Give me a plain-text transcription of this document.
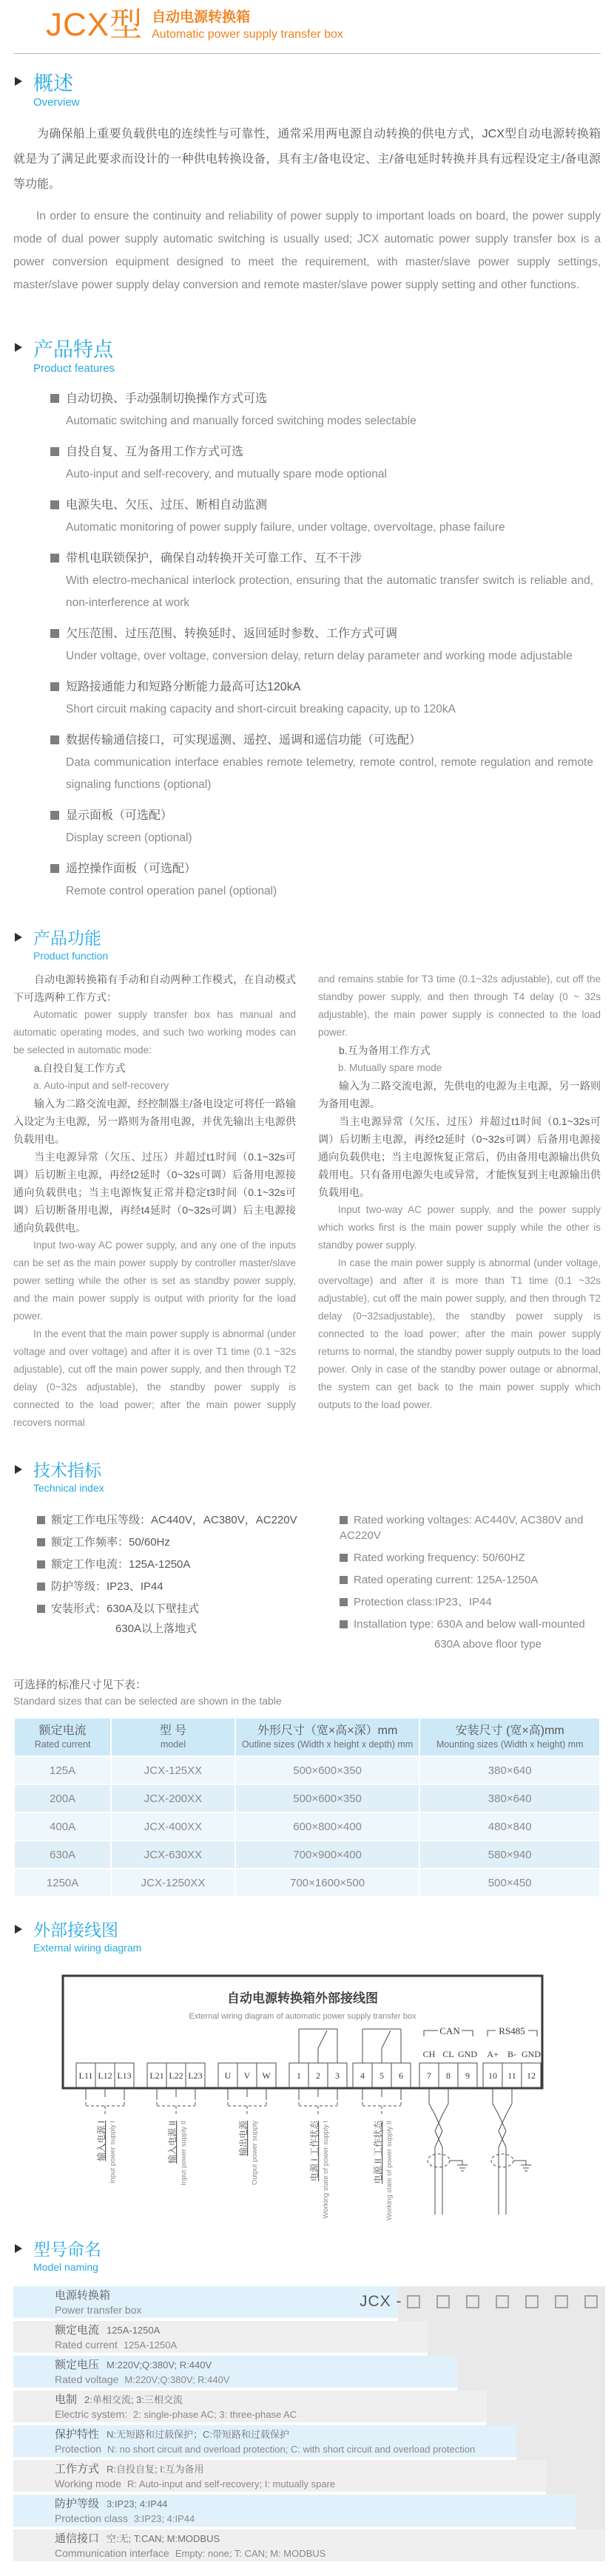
JCX型 自动电源转换箱
Automatic power supply transfer box
概述
Overview

为确保船上重要负载供电的连续性与可靠性，通常采用两电源自动转换的供电方式，JCX型自动电源转换箱就是为了满足此要求而设计的一种供电转换设备，具有主/备电设定、主/备电延时转换并具有远程设定主/备电源等功能。

In order to ensure the continuity and reliability of power supply to important loads on board, the power supply mode of dual power supply automatic switching is usually used; JCX automatic power supply transfer box is a power conversion equipment designed to meet the requirement, with master/slave power supply settings, master/slave power supply delay conversion and remote master/slave power supply setting and other functions.

产品特点
Product features
自动切换、手动强制切换操作方式可选
Automatic switching and manually forced switching modes selectable
自投自复、互为备用工作方式可选
Auto-input and self-recovery, and mutually spare mode optional
电源失电、欠压、过压、断相自动监测
Automatic monitoring of power supply failure, under voltage, overvoltage, phase failure
带机电联锁保护，确保自动转换开关可靠工作、互不干涉
With electro-mechanical interlock protection, ensuring that the automatic transfer switch is reliable and, non-interference at work
欠压范围、过压范围、转换延时、返回延时参数、工作方式可调
Under voltage, over voltage, conversion delay, return delay parameter and working mode adjustable
短路接通能力和短路分断能力最高可达120kA
Short circuit making capacity and short-circuit breaking capacity, up to 120kA
数据传输通信接口，可实现遥测、遥控、遥调和遥信功能（可选配）
Data communication interface enables remote telemetry, remote control, remote regulation and remote signaling functions (optional)
显示面板（可选配）
Display screen (optional)
遥控操作面板（可选配）
Remote control operation panel (optional)
产品功能
Product function

自动电源转换箱有手动和自动两种工作模式，在自动模式下可选两种工作方式：

Automatic power supply transfer box has manual and automatic operating modes, and such two working modes can be selected in automatic mode:

a.自投自复工作方式

a. Auto-input and self-recovery

输入为二路交流电源，经控制器主/备电设定可将任一路输入设定为主电源，另一路则为备用电源，并优先输出主电源供负载用电。

当主电源异常（欠压、过压）并超过t1时间（0.1~32s可调）后切断主电源，再经t2延时（0~32s可调）后备用电源接通向负载供电；当主电源恢复正常并稳定t3时间（0.1~32s可调）后切断备用电源，再经t4延时（0~32s可调）后主电源接通向负载供电。

Input two-way AC power supply, and any one of the inputs can be set as the main power supply by controller master/slave power setting while the other is set as standby power supply, and the main power supply is output with priority for the load power.

In the event that the main power supply is abnormal (under voltage and over voltage) and after it is over T1 time (0.1 ~32s adjustable), cut off the main power supply, and then through T2 delay (0~32s adjustable), the standby power supply is connected to the load power; after the main power supply recovers normal

and remains stable for T3 time (0.1~32s adjustable), cut off the standby power supply, and then through T4 delay (0 ~ 32s adjustable), the main power supply is connected to the load power.

b.互为备用工作方式

b. Mutually spare mode

输入为二路交流电源，先供电的电源为主电源，另一路则为备用电源。

当主电源异常（欠压、过压）并超过t1时间（0.1~32s可调）后切断主电源，再经t2延时（0~32s可调）后备用电源接通向负载供电；当主电源恢复正常后，仍由备用电源输出供负载用电。只有备用电源失电或异常，才能恢复到主电源输出供负载用电。

Input two-way AC power supply, and the power supply which works first is the main power supply while the other is standby power supply.

In case the main power supply is abnormal (under voltage, overvoltage) and after it is more than T1 time (0.1 ~32s adjustable), cut off the main power supply, and then through T2 delay (0~32sadjustable), the standby power supply is connected to the load power; after the main power supply returns to normal, the standby power supply outputs to the load power. Only in case of the standby power outage or abnormal, the system can get back to the main power supply which outputs to the load power.

技术指标
Technical index
额定工作电压等级：AC440V，AC380V，AC220V
额定工作频率：50/60Hz
额定工作电流：125A-1250A
防护等级：IP23、IP44
安装形式：630A及以下壁挂式
630A以上落地式
Rated working voltages: AC440V, AC380V and AC220V
Rated working frequency: 50/60HZ
Rated operating current: 125A-1250A
Protection class:IP23、IP44
Installation type: 630A and below wall-mounted
630A above floor type
可选择的标准尺寸见下表：
Standard sizes that can be selected are shown in the table
额定电流
Rated current	型 号
model	外形尺寸（宽×高×深）mm
Outline sizes (Width x height x depth) mm	安装尺寸 (宽×高)mm
Mounting sizes (Width x height) mm

125A	JCX-125XX	500×600×350	380×640
200A	JCX-200XX	500×600×350	380×640
400A	JCX-400XX	600×800×400	480×840
630A	JCX-630XX	700×900×400	580×940
1250A	JCX-1250XX	700×1600×500	500×450
外部接线图
External wiring diagram
自动电源转换箱外部接线图
External wiring diagram of automatic power supply transfer box
CAN	RS485
CH CL GND A+ B- GND
L11 L12 L13 L21 L22 L23 U V W	1 2 3 4 5 6	7 8 9 10 11 12
输入电源 I Input power supply I	输入电源 II Input power supply II	输出电源 Output power supply	电源 I 工作状态 Working state of power supply I	电源 II 工作状态 Working state of power supply II
型号命名
Model naming
JCX -
电源转换箱
Power transfer box
额定电流 125A-1250A
Rated current 125A-1250A
额定电压 M:220V;Q:380V; R:440V
Rated voltage M:220V;Q:380V; R:440V
电制 2:单相交流; 3:三相交流
Electric system: 2: single-phase AC; 3: three-phase AC
保护特性 N:无短路和过载保护；C:带短路和过载保护
Protection N: no short circuit and overload protection; C: with short circuit and overload protection
工作方式 R:自投自复; I:互为备用
Working mode R: Auto-input and self-recovery; I: mutually spare
防护等级 3:IP23; 4:IP44
Protection class 3:IP23; 4:IP44
通信接口 空:无; T:CAN; M:MODBUS
Communication interface Empty: none; T: CAN; M: MODBUS
